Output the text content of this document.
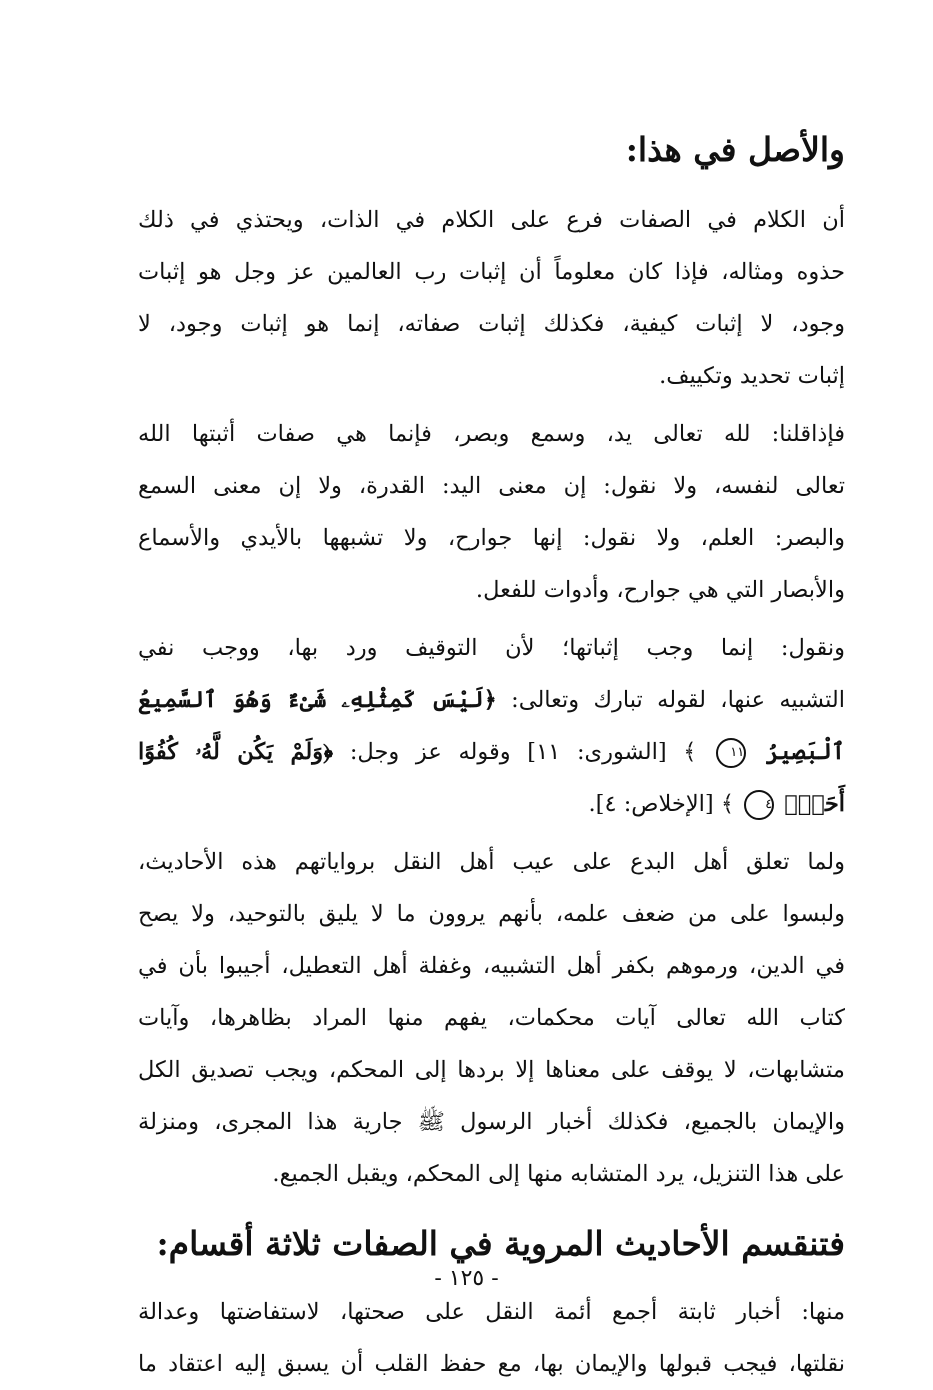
والأصل في هذا:
أن الكلام في الصفات فرع على الكلام في الذات، ويحتذي في ذلك
حذوه ومثاله، فإذا كان معلوماً أن إثبات رب العالمين عز وجل هو إثبات
وجود، لا إثبات كيفية، فكذلك إثبات صفاته، إنما هو إثبات وجود، لا
إثبات تحديد وتكييف.
فإذاقلنا: لله تعالى يد، وسمع وبصر، فإنما هي صفات أثبتها الله
تعالى لنفسه، ولا نقول: إن معنى اليد: القدرة، ولا إن معنى السمع
والبصر: العلم، ولا نقول: إنها جوارح، ولا تشبهها بالأيدي والأسماع
والأبصار التي هي جوارح، وأدوات للفعل.
ونقول: إنما وجب إثباتها؛ لأن التوقيف ورد بها، ووجب نفي
التشبيه عنها، لقوله تبارك وتعالى: ﴿لَيْسَ كَمِثْلِهِۦ شَىْءٌ وَهُوَ ٱلسَّمِيعُ
ٱلْبَصِيرُ ١١ ﴾ [الشورى: ١١] وقوله عز وجل: ﴿وَلَمْ يَكُن لَّهُۥ كُفُوًا
أَحَدٌۢ ٤ ﴾ [الإخلاص: ٤].
ولما تعلق أهل البدع على عيب أهل النقل برواياتهم هذه الأحاديث،
ولبسوا على من ضعف علمه، بأنهم يروون ما لا يليق بالتوحيد، ولا يصح
في الدين، ورموهم بكفر أهل التشبيه، وغفلة أهل التعطيل، أجيبوا بأن في
كتاب الله تعالى آيات محكمات، يفهم منها المراد بظاهرها، وآيات
متشابهات، لا يوقف على معناها إلا بردها إلى المحكم، ويجب تصديق الكل
والإيمان بالجميع، فكذلك أخبار الرسول ﷺ جارية هذا المجرى، ومنزلة
على هذا التنزيل، يرد المتشابه منها إلى المحكم، ويقبل الجميع.
فتنقسم الأحاديث المروية في الصفات ثلاثة أقسام:
منها: أخبار ثابتة أجمع أئمة النقل على صحتها، لاستفاضتها وعدالة
نقلتها، فيجب قبولها والإيمان بها، مع حفظ القلب أن يسبق إليه اعتقاد ما
- ١٢٥ -
